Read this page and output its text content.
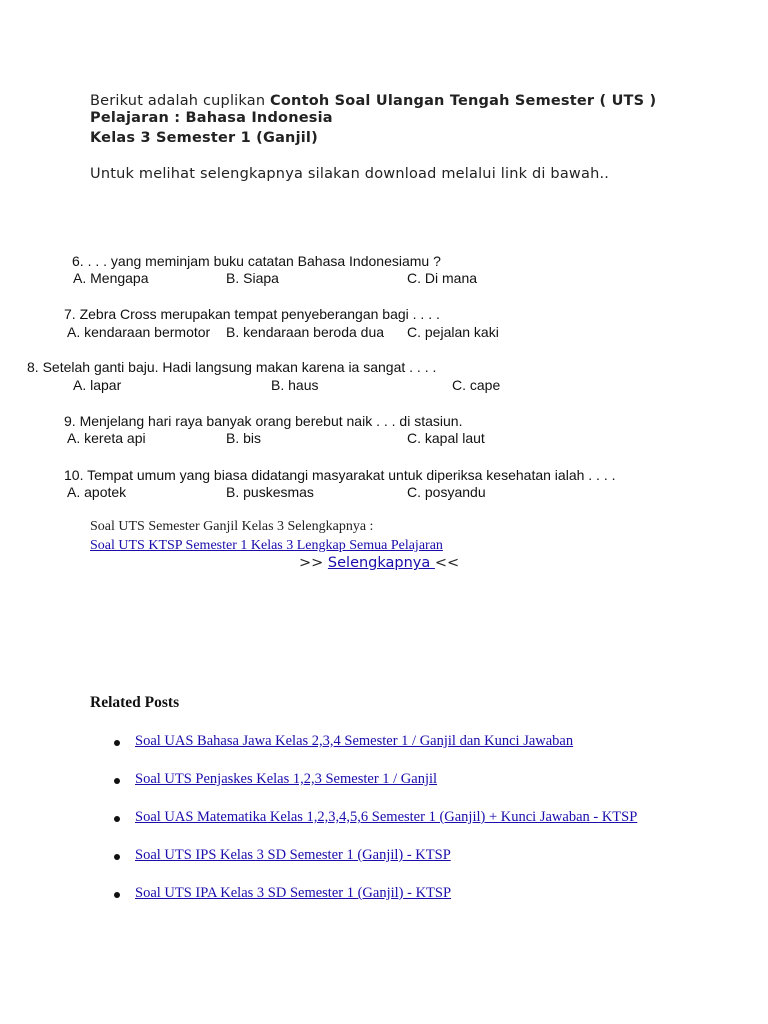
Berikut adalah cuplikan Contoh Soal Ulangan Tengah Semester ( UTS )
Pelajaran : Bahasa Indonesia
Kelas 3 Semester 1 (Ganjil)
Untuk melihat selengkapnya silakan download melalui link di bawah..
6. . . . yang meminjam buku catatan Bahasa Indonesiamu ?
A. Mengapa	B. Siapa	C. Di mana
7. Zebra Cross merupakan tempat penyeberangan bagi . . . .
A. kendaraan bermotor B. kendaraan beroda dua C. pejalan kaki
8. Setelah ganti baju. Hadi langsung makan karena ia sangat . . . .
A. lapar	B. haus	C. cape
9. Menjelang hari raya banyak orang berebut naik . . . di stasiun.
A. kereta api	B. bis	C. kapal laut
10. Tempat umum yang biasa didatangi masyarakat untuk diperiksa kesehatan ialah . . . .
A. apotek	B. puskesmas	C. posyandu
Soal UTS Semester Ganjil Kelas 3 Selengkapnya :
Soal UTS KTSP Semester 1 Kelas 3 Lengkap Semua Pelajaran
>> Selengkapnya <<
Related Posts
Soal UAS Bahasa Jawa Kelas 2,3,4 Semester 1 / Ganjil dan Kunci Jawaban
Soal UTS Penjaskes Kelas 1,2,3 Semester 1 / Ganjil
Soal UAS Matematika Kelas 1,2,3,4,5,6 Semester 1 (Ganjil) + Kunci Jawaban - KTSP
Soal UTS IPS Kelas 3 SD Semester 1 (Ganjil) - KTSP
Soal UTS IPA Kelas 3 SD Semester 1 (Ganjil) - KTSP
